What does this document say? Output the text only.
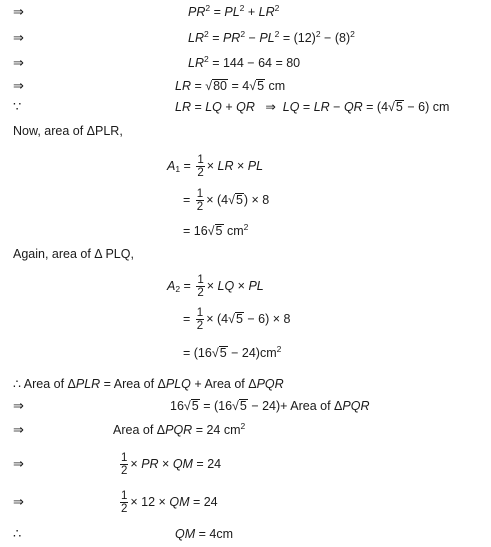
⇒	$PR^2 = PL^2 + LR^2$
⇒	$LR^2 = PR^2 - PL^2 = (12)^2 - (8)^2$
⇒	$LR^2 = 144 - 64 = 80$
⇒	LR = √80 = 4√5 cm
∵	LR = LQ + QR   ⇒  LQ = LR − QR = (4√5 − 6) cm
Now, area of ΔPLR,
$A_1 = \frac{1}{2}$ × LR × PL
= $\frac{1}{2} \times (4√5) \times 8$
= 16√5 $cm^2$
Again, area of Δ PLQ,
$A_2 = \frac{1}{2}$ × LQ × PL
= $\frac{1}{2} \times (4√5 - 6) \times 8$
= $(16√5 - 24)cm^2$
∴ Area of ΔPLR = Area of ΔPLQ + Area of ΔPQR
⇒	16√5 = (16√5 − 24)+ Area of ΔPQR
⇒	Area of ΔPQR = 24 $cm^2$
⇒	$\frac{1}{2}$ × PR × QM = 24
⇒	$\frac{1}{2} \times 12$ × QM = 24
∴	QM = 4cm
